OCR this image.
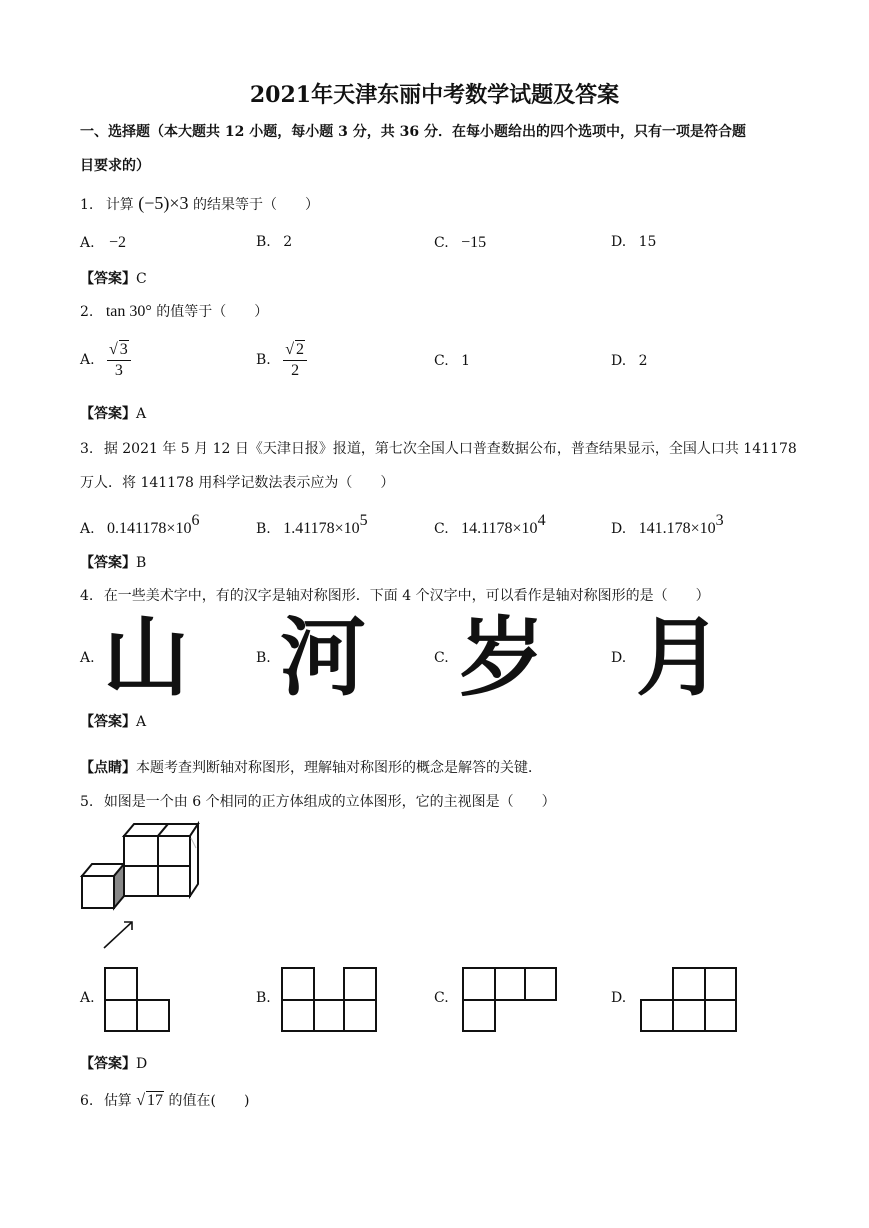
2021年天津东丽中考数学试题及答案
一、选择题（本大题共 12 小题，每小题 3 分，共 36 分．在每小题给出的四个选项中，只有一项是符合题
目要求的）
1. 计算 (−5)×3 的结果等于（　　）
A. −2	B. 2	C. −15	D. 15
【答案】C
2. tan 30° 的值等于（　　）
A. $\frac{√ 3}{3}$	B. $\frac{√ 2}{2}$	C. 1	D. 2
【答案】A
3. 据 2021 年 5 月 12 日《天津日报》报道，第七次全国人口普查数据公布，普查结果显示，全国人口共 141178
万人．将 141178 用科学记数法表示应为（　　）
A. $0.141178\times 10^6$	B. $1.41178\times 10^5$	C. $14.1178\times 10^4$	D. $141.178\times 10^3$
【答案】B
4. 在一些美术字中，有的汉字是轴对称图形．下面 4 个汉字中，可以看作是轴对称图形的是（　　）
A. 山	B. 河	C. 岁	D. 月
【答案】A
【点睛】本题考查判断轴对称图形，理解轴对称图形的概念是解答的关键．
5. 如图是一个由 6 个相同的正方体组成的立体图形，它的主视图是（　　）
A.	B.	C.	D.
【答案】D
6. 估算 √ 17 的值在(　　)
